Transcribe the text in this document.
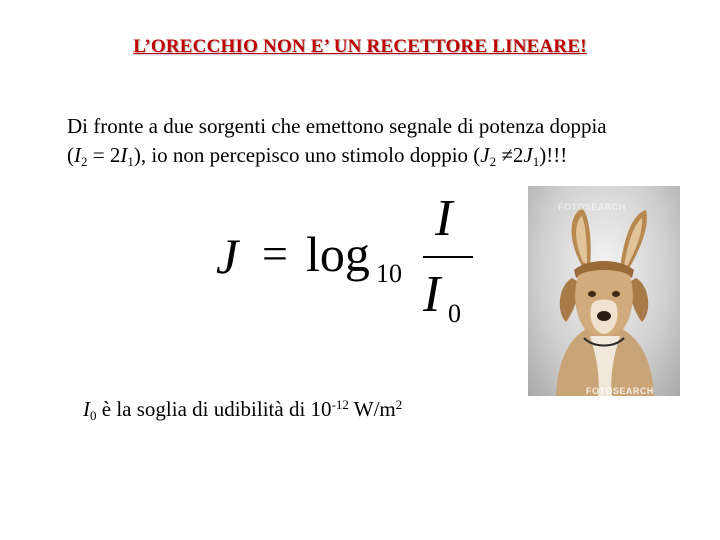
L’ORECCHIO NON E’ UN RECETTORE LINEARE!
Di fronte a due sorgenti che emettono segnale di potenza doppia
$(I_2 = 2I_1)$, io non percepisco uno stimolo doppio $(J_2 \ne 2J_1)$!!!
J = log 10
I
I 0
FOTOSEARCH
FOTOSEARCH
$I_0$ è la soglia di udibilità di $10^{-12}$ $W/m^2$
